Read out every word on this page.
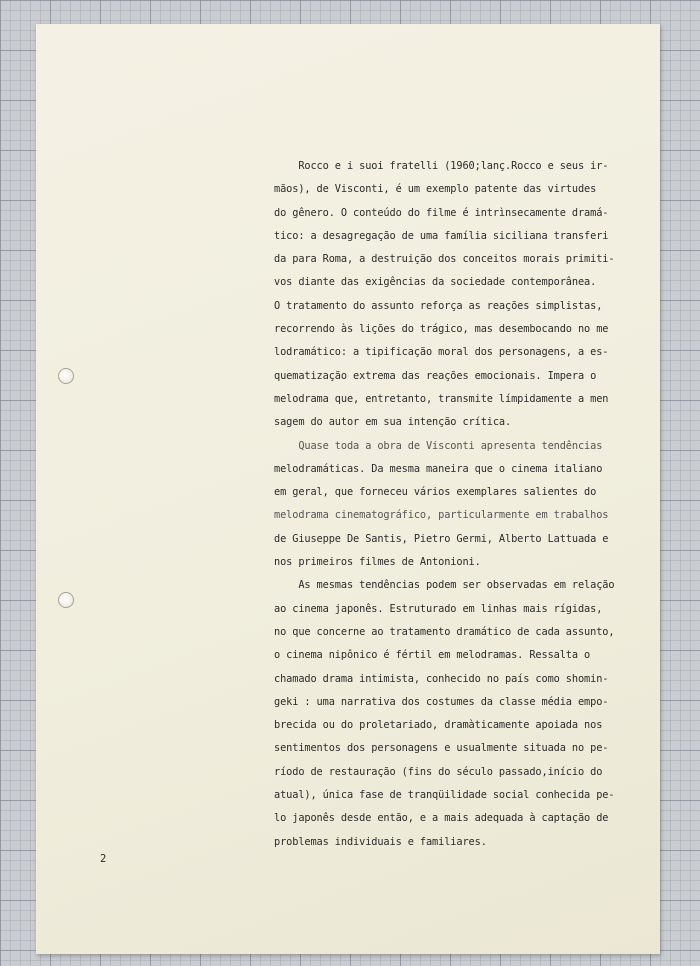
Rocco e i suoi fratelli (1960;lanç.Rocco e seus ir-
mãos), de Visconti, é um exemplo patente das virtudes
do gênero. O conteúdo do filme é intrìnsecamente dramá-
tico: a desagregação de uma família siciliana transferi
da para Roma, a destruição dos conceitos morais primiti-
vos diante das exigências da sociedade contemporânea.
O tratamento do assunto reforça as reações simplistas,
recorrendo às lições do trágico, mas desembocando no me
lodramático: a tipificação moral dos personagens, a es-
quematização extrema das reações emocionais. Impera o
melodrama que, entretanto, transmite límpidamente a men
sagem do autor em sua intenção crítica.
Quase toda a obra de Visconti apresenta tendências
melodramáticas. Da mesma maneira que o cinema italiano
em geral, que forneceu vários exemplares salientes do
melodrama cinematográfico, particularmente em trabalhos
de Giuseppe De Santis, Pietro Germi, Alberto Lattuada e
nos primeiros filmes de Antonioni.
As mesmas tendências podem ser observadas em relação
ao cinema japonês. Estruturado em linhas mais rígidas,
no que concerne ao tratamento dramático de cada assunto,
o cinema nipônico é fértil em melodramas. Ressalta o
chamado drama intimista, conhecido no país como shomin-
geki : uma narrativa dos costumes da classe média empo-
brecida ou do proletariado, dramàticamente apoiada nos
sentimentos dos personagens e usualmente situada no pe-
ríodo de restauração (fins do século passado,início do
atual), única fase de tranqüilidade social conhecida pe-
lo japonês desde então, e a mais adequada à captação de
problemas individuais e familiares.
2
